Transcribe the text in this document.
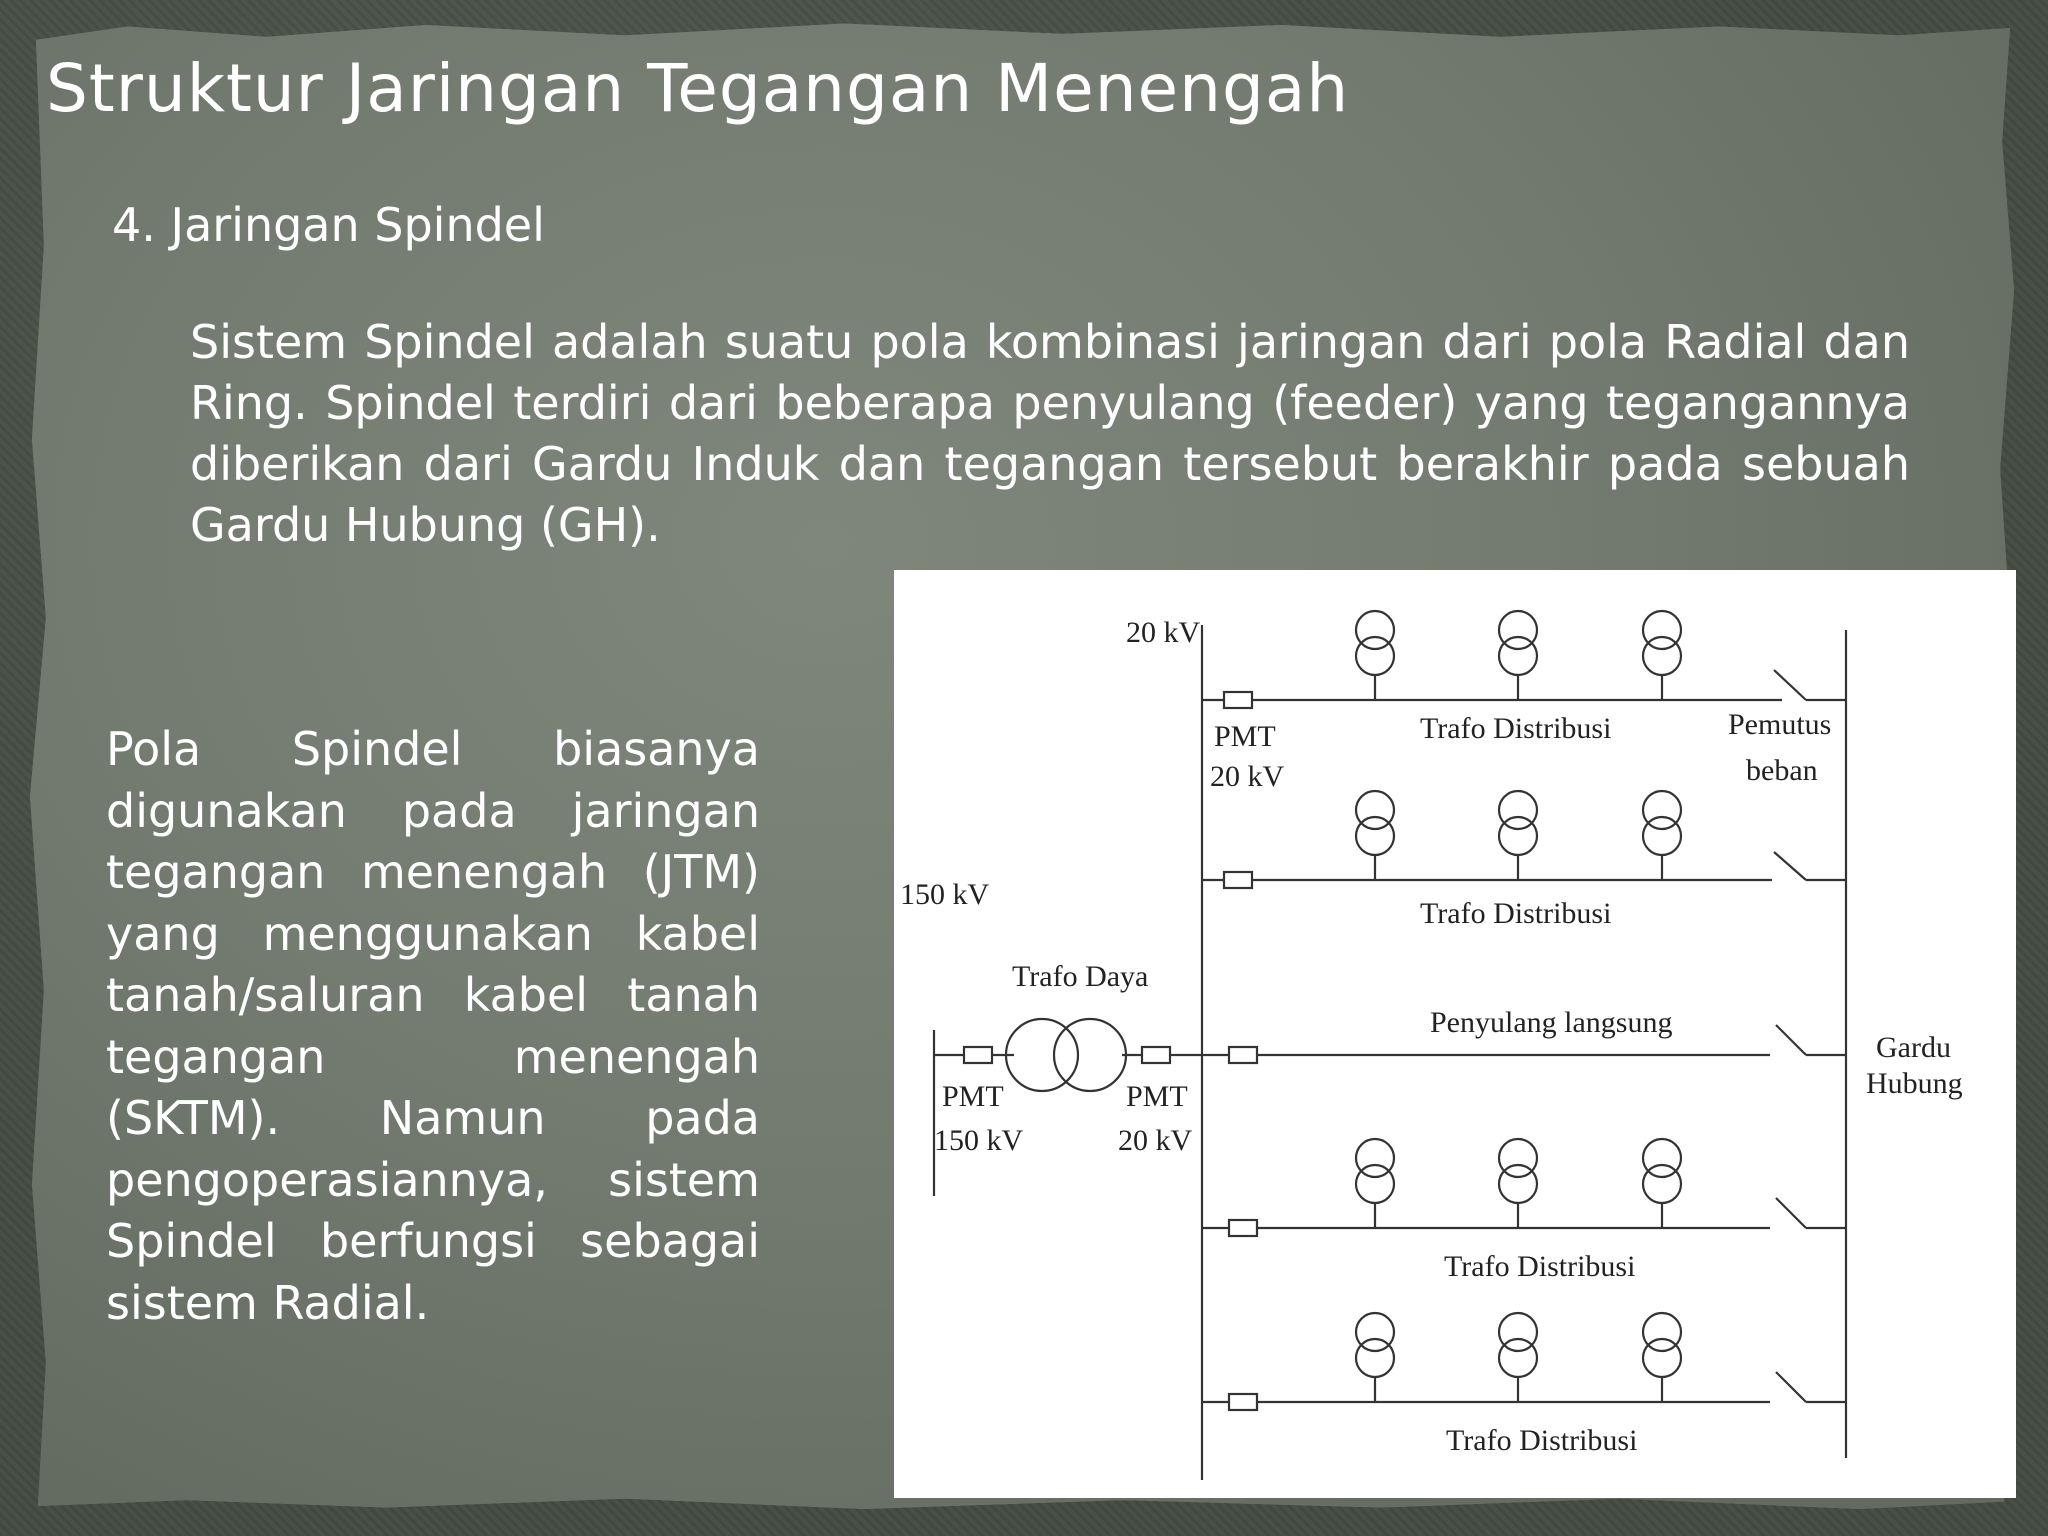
Struktur Jaringan Tegangan Menengah
4. Jaringan Spindel

Sistem Spindel adalah suatu pola kombinasi jaringan dari pola Radial dan Ring. Spindel terdiri dari beberapa penyulang (feeder) yang tegangannya diberikan dari Gardu Induk dan tegangan tersebut berakhir pada sebuah Gardu Hubung (GH).

Pola Spindel biasanya digunakan pada jaringan tegangan menengah (JTM) yang menggunakan kabel tanah/saluran kabel tanah tegangan menengah (SKTM). Namun pada pengoperasiannya, sistem Spindel berfungsi sebagai sistem Radial.

20 kV
PMT
20 kV
Trafo Distribusi	Pemutus
beban
Trafo Distribusi
150 kV
Trafo Daya
Penyulang langsung
PMT
150 kV
PMT
20 kV
Gardu
Hubung
Trafo Distribusi
Trafo Distribusi
